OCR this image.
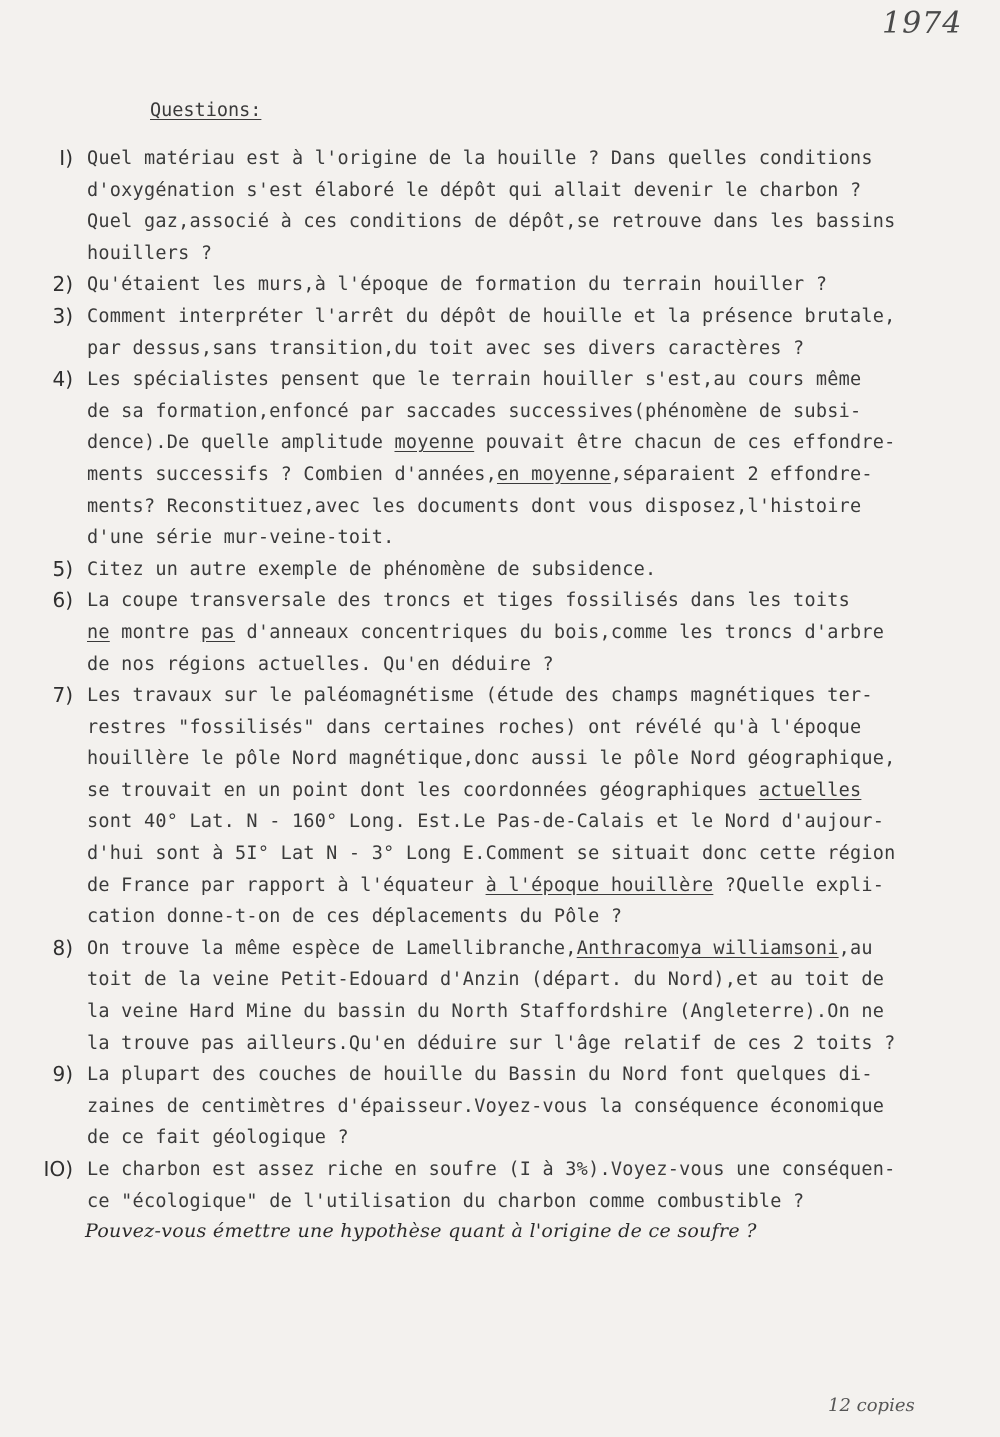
1974
Questions:
I) Quel matériau est à l'origine de la houille ? Dans quelles conditions
d'oxygénation s'est élaboré le dépôt qui allait devenir le charbon ?
Quel gaz,associé à ces conditions de dépôt,se retrouve dans les bassins
houillers ?
2) Qu'étaient les murs,à l'époque de formation du terrain houiller ?
3) Comment interpréter l'arrêt du dépôt de houille et la présence brutale,
par dessus,sans transition,du toit avec ses divers caractères ?
4) Les spécialistes pensent que le terrain houiller s'est,au cours même
de sa formation,enfoncé par saccades successives(phénomène de subsi-
dence).De quelle amplitude moyenne pouvait être chacun de ces effondre-
ments successifs ? Combien d'années,en moyenne,séparaient 2 effondre-
ments? Reconstituez,avec les documents dont vous disposez,l'histoire
d'une série mur-veine-toit.
5) Citez un autre exemple de phénomène de subsidence.
6) La coupe transversale des troncs et tiges fossilisés dans les toits
ne montre pas d'anneaux concentriques du bois,comme les troncs d'arbre
de nos régions actuelles. Qu'en déduire ?
7) Les travaux sur le paléomagnétisme (étude des champs magnétiques ter-
restres "fossilisés" dans certaines roches) ont révélé qu'à l'époque
houillère le pôle Nord magnétique,donc aussi le pôle Nord géographique,
se trouvait en un point dont les coordonnées géographiques actuelles
sont 40° Lat. N - 160° Long. Est.Le Pas-de-Calais et le Nord d'aujour-
d'hui sont à 5I° Lat N - 3° Long E.Comment se situait donc cette région
de France par rapport à l'équateur à l'époque houillère ?Quelle expli-
cation donne-t-on de ces déplacements du Pôle ?
8) On trouve la même espèce de Lamellibranche,Anthracomya williamsoni,au
toit de la veine Petit-Edouard d'Anzin (départ. du Nord),et au toit de
la veine Hard Mine du bassin du North Staffordshire (Angleterre).On ne
la trouve pas ailleurs.Qu'en déduire sur l'âge relatif de ces 2 toits ?
9) La plupart des couches de houille du Bassin du Nord font quelques di-
zaines de centimètres d'épaisseur.Voyez-vous la conséquence économique
de ce fait géologique ?
IO) Le charbon est assez riche en soufre (I à 3%).Voyez-vous une conséquen-
ce "écologique" de l'utilisation du charbon comme combustible ?
Pouvez-vous émettre une hypothèse quant à l'origine de ce soufre ?
12 copies
